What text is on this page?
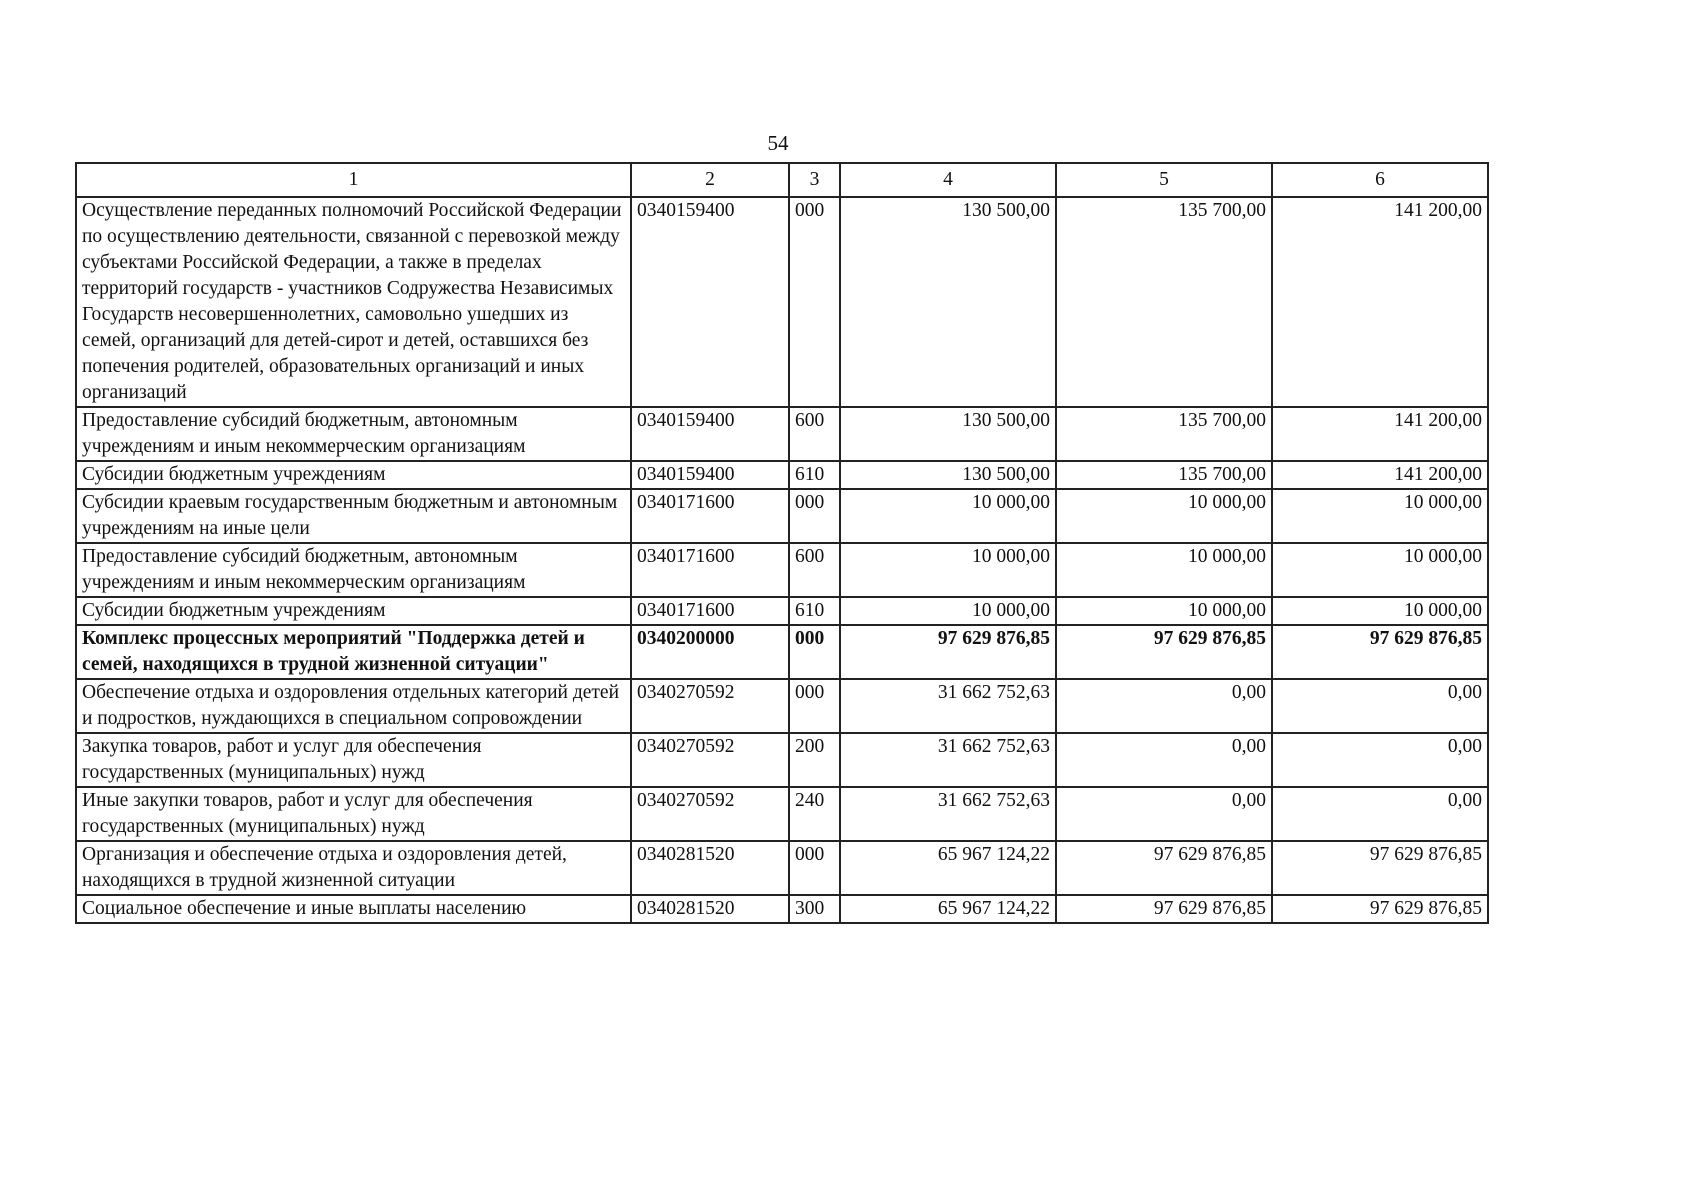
54
1	2	3	4	5	6
Осуществление переданных полномочий Российской Федерации по осуществлению деятельности, связанной с перевозкой между субъектами Российской Федерации, а также в пределах территорий государств - участников Содружества Независимых Государств несовершеннолетних, самовольно ушедших из семей, организаций для детей-сирот и детей, оставшихся без попечения родителей, образовательных организаций и иных организаций	0340159400	000	130 500,00	135 700,00	141 200,00
Предоставление субсидий бюджетным, автономным учреждениям и иным некоммерческим организациям	0340159400	600	130 500,00	135 700,00	141 200,00
Субсидии бюджетным учреждениям	0340159400	610	130 500,00	135 700,00	141 200,00
Субсидии краевым государственным бюджетным и автономным учреждениям на иные цели	0340171600	000	10 000,00	10 000,00	10 000,00
Предоставление субсидий бюджетным, автономным учреждениям и иным некоммерческим организациям	0340171600	600	10 000,00	10 000,00	10 000,00
Субсидии бюджетным учреждениям	0340171600	610	10 000,00	10 000,00	10 000,00
Комплекс процессных мероприятий "Поддержка детей и семей, находящихся в трудной жизненной ситуации"	0340200000	000	97 629 876,85	97 629 876,85	97 629 876,85
Обеспечение отдыха и оздоровления отдельных категорий детей и подростков, нуждающихся в специальном сопровождении	0340270592	000	31 662 752,63	0,00	0,00
Закупка товаров, работ и услуг для обеспечения государственных (муниципальных) нужд	0340270592	200	31 662 752,63	0,00	0,00
Иные закупки товаров, работ и услуг для обеспечения государственных (муниципальных) нужд	0340270592	240	31 662 752,63	0,00	0,00
Организация и обеспечение отдыха и оздоровления детей, находящихся в трудной жизненной ситуации	0340281520	000	65 967 124,22	97 629 876,85	97 629 876,85
Социальное обеспечение и иные выплаты населению	0340281520	300	65 967 124,22	97 629 876,85	97 629 876,85
